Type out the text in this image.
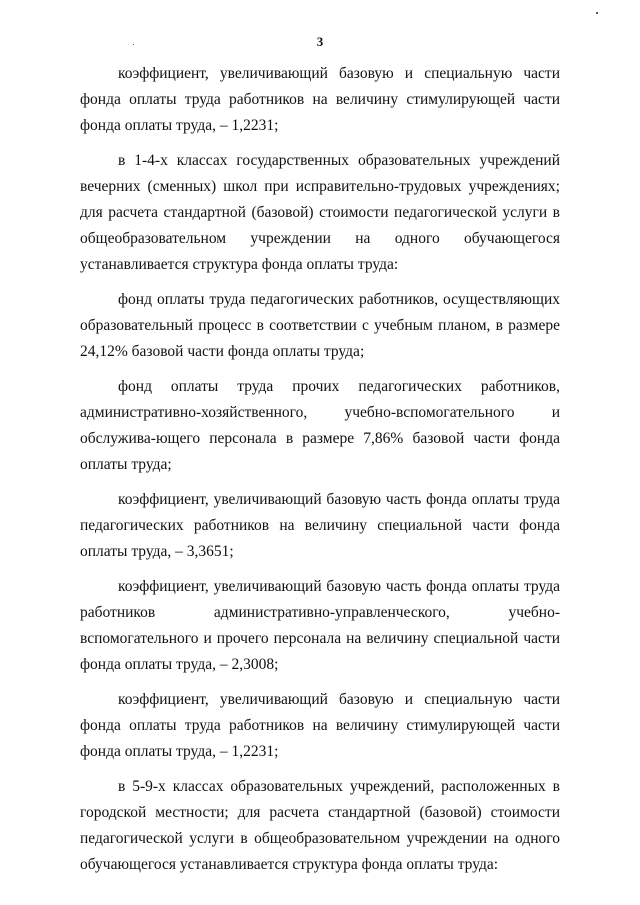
3

коэффициент, увеличивающий базовую и специальную части фонда оплаты труда работников на величину стимулирующей части фонда оплаты труда, – 1,2231;

в 1-4-х классах государственных образовательных учреждений вечерних (сменных) школ при исправительно-трудовых учреждениях; для расчета стандартной (базовой) стоимости педагогической услуги в общеобразовательном учреждении на одного обучающегося устанавливается структура фонда оплаты труда:

фонд оплаты труда педагогических работников, осуществляющих образовательный процесс в соответствии с учебным планом, в размере 24,12% базовой части фонда оплаты труда;

фонд оплаты труда прочих педагогических работников, административно-хозяйственного, учебно-вспомогательного и обслужива-ющего персонала в размере 7,86% базовой части фонда оплаты труда;

коэффициент, увеличивающий базовую часть фонда оплаты труда педагогических работников на величину специальной части фонда оплаты труда, – 3,3651;

коэффициент, увеличивающий базовую часть фонда оплаты труда работников административно-управленческого, учебно-вспомогательного и прочего персонала на величину специальной части фонда оплаты труда, – 2,3008;

коэффициент, увеличивающий базовую и специальную части фонда оплаты труда работников на величину стимулирующей части фонда оплаты труда, – 1,2231;

в 5-9-х классах образовательных учреждений, расположенных в городской местности; для расчета стандартной (базовой) стоимости педагогической услуги в общеобразовательном учреждении на одного обучающегося устанавливается структура фонда оплаты труда:
